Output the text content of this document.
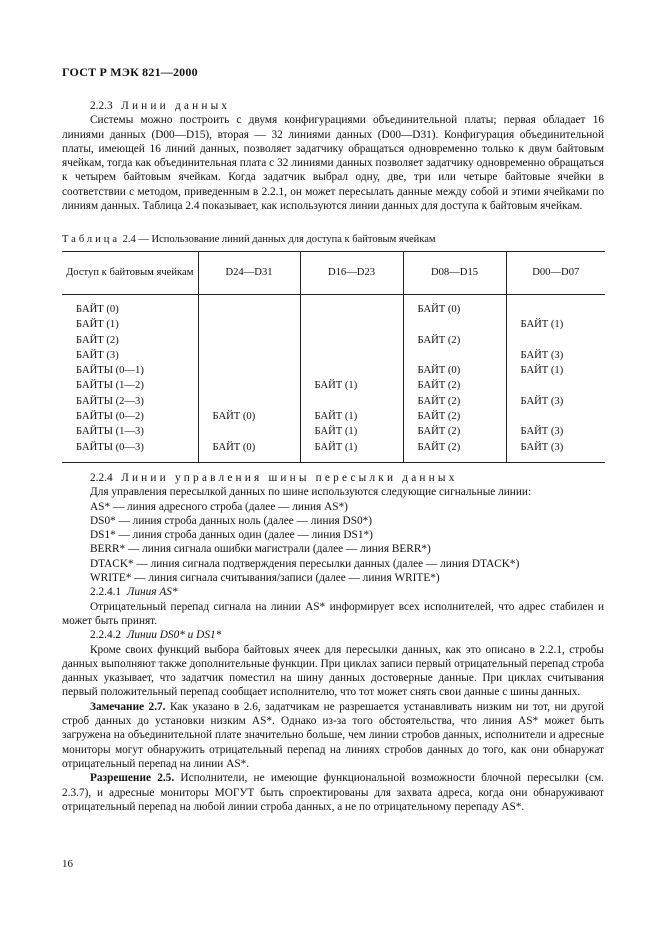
ГОСТ Р МЭК 821—2000

2.2.3 Линии данных

Системы можно построить с двумя конфигурациями объединительной платы; первая обладает 16 линиями данных (D00—D15), вторая — 32 линиями данных (D00—D31). Конфигурация объединительной платы, имеющей 16 линий данных, позволяет задатчику обращаться одновременно только к двум байтовым ячейкам, тогда как объединительная плата с 32 линиями данных позволяет задатчику одновременно обращаться к четырем байтовым ячейкам. Когда задатчик выбрал одну, две, три или четыре байтовые ячейки в соответствии с методом, приведенным в 2.2.1, он может пересылать данные между собой и этими ячейками по линиям данных. Таблица 2.4 показывает, как используются линии данных для доступа к байтовым ячейкам.

Таблица 2.4 — Использование линий данных для доступа к байтовым ячейкам
Доступ к байтовым ячейкам	D24—D31	D16—D23	D08—D15	D00—D07
БАЙТ (0)			БАЙТ (0)	
БАЙТ (1)				БАЙТ (1)
БАЙТ (2)			БАЙТ (2)	
БАЙТ (3)				БАЙТ (3)
БАЙТЫ (0—1)			БАЙТ (0)	БАЙТ (1)
БАЙТЫ (1—2)		БАЙТ (1)	БАЙТ (2)	
БАЙТЫ (2—3)			БАЙТ (2)	БАЙТ (3)
БАЙТЫ (0—2)	БАЙТ (0)	БАЙТ (1)	БАЙТ (2)	
БАЙТЫ (1—3)		БАЙТ (1)	БАЙТ (2)	БАЙТ (3)
БАЙТЫ (0—3)	БАЙТ (0)	БАЙТ (1)	БАЙТ (2)	БАЙТ (3)

2.2.4 Линии управления шины пересылки данных

Для управления пересылкой данных по шине используются следующие сигнальные линии:

AS* — линия адресного строба (далее — линия AS*)

DS0* — линия строба данных ноль (далее — линия DS0*)

DS1* — линия строба данных один (далее — линия DS1*)

BERR* — линия сигнала ошибки магистрали (далее — линия BERR*)

DTACK* — линия сигнала подтверждения пересылки данных (далее — линия DTACK*)

WRITE* — линия сигнала считывания/записи (далее — линия WRITE*)

2.2.4.1 Линия AS*

Отрицательный перепад сигнала на линии AS* информирует всех исполнителей, что адрес стабилен и может быть принят.

2.2.4.2 Линии DS0* и DS1*

Кроме своих функций выбора байтовых ячеек для пересылки данных, как это описано в 2.2.1, стробы данных выполняют также дополнительные функции. При циклах записи первый отрицательный перепад строба данных указывает, что задатчик поместил на шину данных достоверные данные. При циклах считывания первый положительный перепад сообщает исполнителю, что тот может снять свои данные с шины данных.

Замечание 2.7. Как указано в 2.6, задатчикам не разрешается устанавливать низким ни тот, ни другой строб данных до установки низким AS*. Однако из-за того обстоятельства, что линия AS* может быть загружена на объединительной плате значительно больше, чем линии стробов данных, исполнители и адресные мониторы могут обнаружить отрицательный перепад на линиях стробов данных до того, как они обнаружат отрицательный перепад на линии AS*.

Разрешение 2.5. Исполнители, не имеющие функциональной возможности блочной пересылки (см. 2.3.7), и адресные мониторы МОГУТ быть спроектированы для захвата адреса, когда они обнаруживают отрицательный перепад на любой линии строба данных, а не по отрицательному перепаду AS*.

16
